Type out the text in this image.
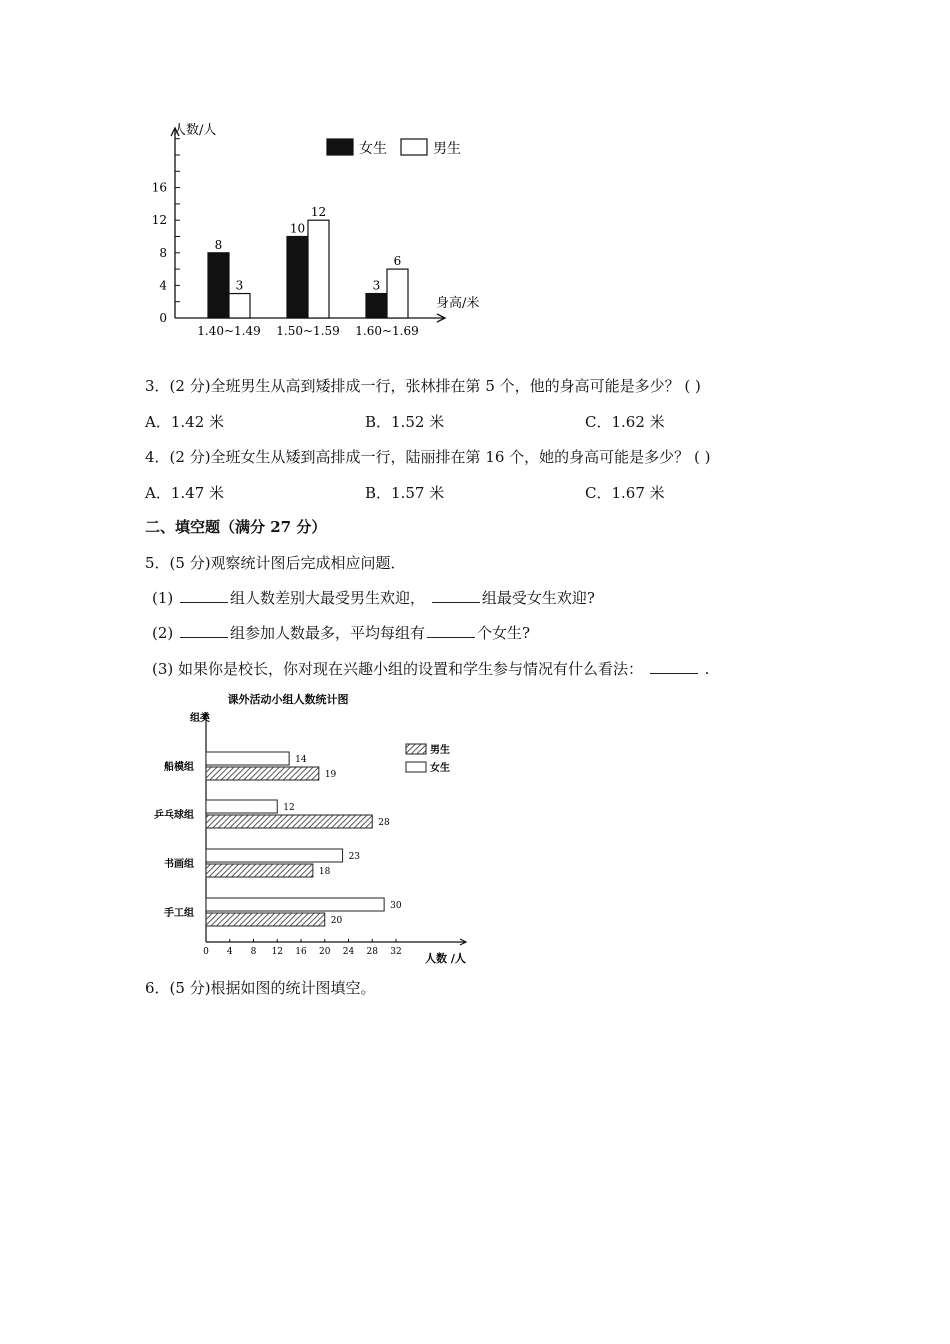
0
4
8
12
16
人数/人
身高/米
1.40~1.49
8
3
1.50~1.59
10
12
1.60~1.69
3
6
女生	男生
3．(2 分)全班男生从高到矮排成一行，张林排在第 5 个，他的身高可能是多少？ ( )
A．1.42 米	B．1.52 米	C．1.62 米
4．(2 分)全班女生从矮到高排成一行，陆丽排在第 16 个，她的身高可能是多少？ ( )
A．1.47 米	B．1.57 米	C．1.67 米
二、填空题（满分 27 分）
5．(5 分)观察统计图后完成相应问题．
(1)	组人数差别大最受男生欢迎，	组最受女生欢迎?
(2)	组参加人数最多，平均每组有	个女生?
(3) 如果你是校长，你对现在兴趣小组的设置和学生参与情况有什么看法：	.
课外活动小组人数统计图
组类
人数 /人
0 4 8 12 16 20 24 28 32
船模组
14
19
乒乓球组
12
28
书画组
23
18
手工组
30
20
男生
女生
6．(5 分)根据如图的统计图填空。
